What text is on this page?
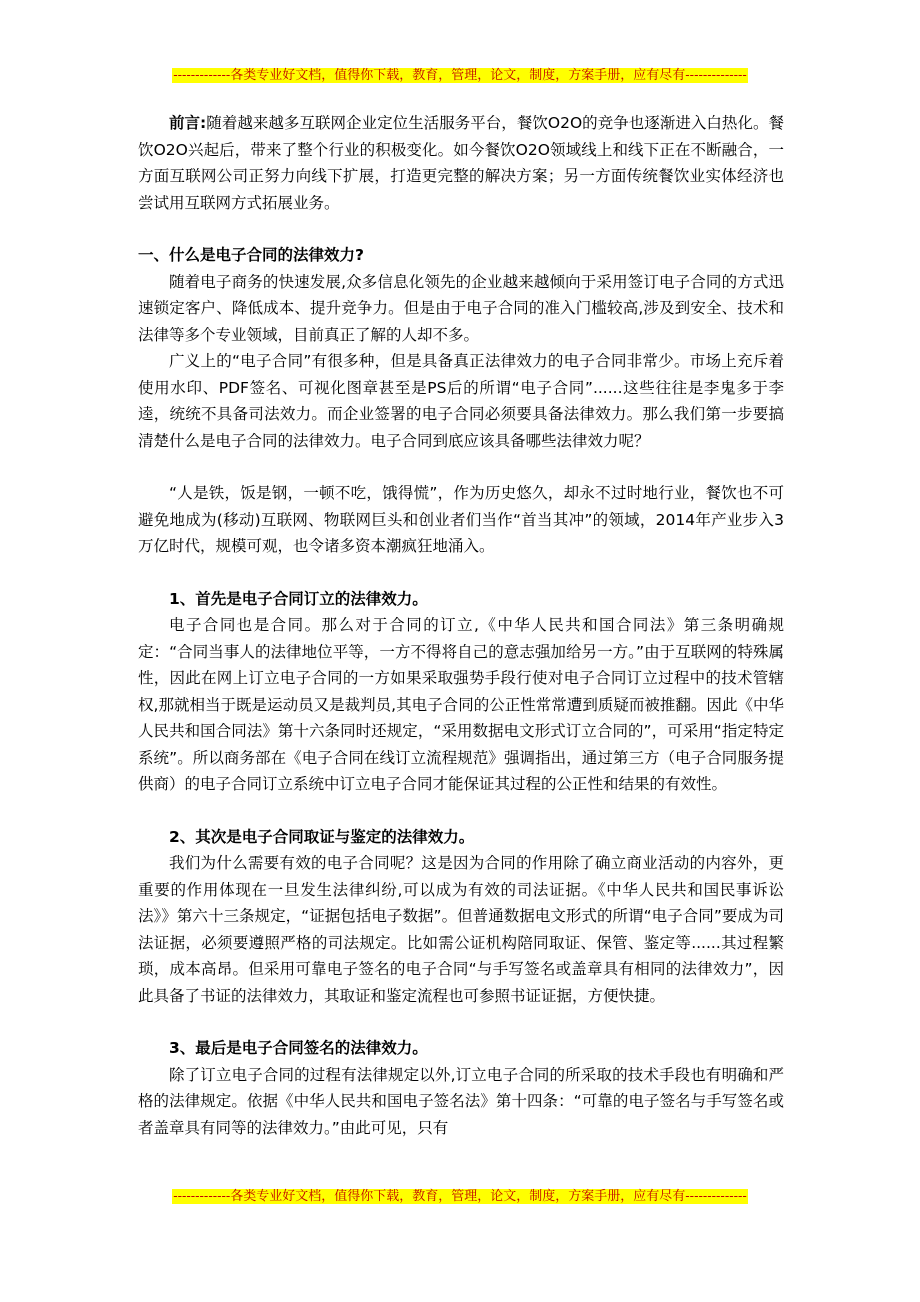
-------------各类专业好文档，值得你下载，教育，管理，论文，制度，方案手册，应有尽有--------------

前言:随着越来越多互联网企业定位生活服务平台，餐饮O2O的竞争也逐渐进入白热化。餐饮O2O兴起后，带来了整个行业的积极变化。如今餐饮O2O领域线上和线下正在不断融合，一方面互联网公司正努力向线下扩展，打造更完整的解决方案；另一方面传统餐饮业实体经济也尝试用互联网方式拓展业务。

一、什么是电子合同的法律效力?

随着电子商务的快速发展,众多信息化领先的企业越来越倾向于采用签订电子合同的方式迅速锁定客户、降低成本、提升竞争力。但是由于电子合同的准入门槛较高,涉及到安全、技术和法律等多个专业领域，目前真正了解的人却不多。

广义上的“电子合同”有很多种，但是具备真正法律效力的电子合同非常少。市场上充斥着使用水印、PDF签名、可视化图章甚至是PS后的所谓“电子合同”......这些往往是李鬼多于李逵，统统不具备司法效力。而企业签署的电子合同必须要具备法律效力。那么我们第一步要搞清楚什么是电子合同的法律效力。电子合同到底应该具备哪些法律效力呢？

“人是铁，饭是钢，一顿不吃，饿得慌”，作为历史悠久，却永不过时地行业，餐饮也不可避免地成为(移动)互联网、物联网巨头和创业者们当作“首当其冲”的领域，2014年产业步入3万亿时代，规模可观，也令诸多资本潮疯狂地涌入。

1、首先是电子合同订立的法律效力。

电子合同也是合同。那么对于合同的订立,《中华人民共和国合同法》第三条明确规定：“合同当事人的法律地位平等，一方不得将自己的意志强加给另一方。”由于互联网的特殊属性，因此在网上订立电子合同的一方如果采取强势手段行使对电子合同订立过程中的技术管辖权,那就相当于既是运动员又是裁判员,其电子合同的公正性常常遭到质疑而被推翻。因此《中华人民共和国合同法》第十六条同时还规定，“采用数据电文形式订立合同的”，可采用“指定特定系统”。所以商务部在《电子合同在线订立流程规范》强调指出，通过第三方（电子合同服务提供商）的电子合同订立系统中订立电子合同才能保证其过程的公正性和结果的有效性。

2、其次是电子合同取证与鉴定的法律效力。

我们为什么需要有效的电子合同呢？这是因为合同的作用除了确立商业活动的内容外，更重要的作用体现在一旦发生法律纠纷,可以成为有效的司法证据。《中华人民共和国民事诉讼法》》第六十三条规定，“证据包括电子数据”。但普通数据电文形式的所谓“电子合同”要成为司法证据，必须要遵照严格的司法规定。比如需公证机构陪同取证、保管、鉴定等......其过程繁琐，成本高昂。但采用可靠电子签名的电子合同“与手写签名或盖章具有相同的法律效力”，因此具备了书证的法律效力，其取证和鉴定流程也可参照书证证据，方便快捷。

3、最后是电子合同签名的法律效力。

除了订立电子合同的过程有法律规定以外,订立电子合同的所采取的技术手段也有明确和严格的法律规定。依据《中华人民共和国电子签名法》第十四条：“可靠的电子签名与手写签名或者盖章具有同等的法律效力。”由此可见，只有

-------------各类专业好文档，值得你下载，教育，管理，论文，制度，方案手册，应有尽有--------------
